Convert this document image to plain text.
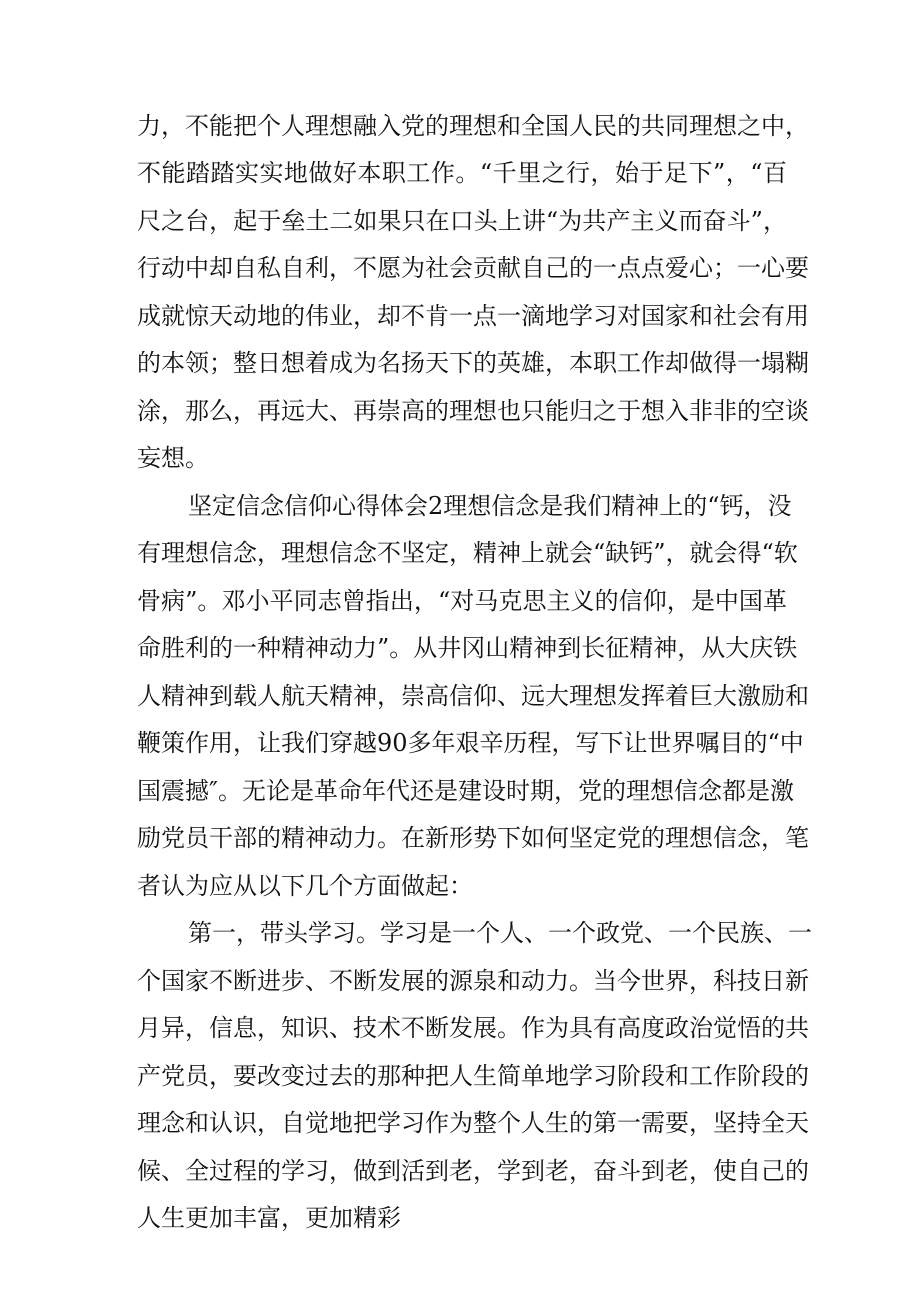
力，不能把个人理想融入党的理想和全国人民的共同理想之中，
不能踏踏实实地做好本职工作。“千里之行，始于足下”，“百
尺之台，起于垒土二如果只在口头上讲“为共产主义而奋斗”，
行动中却自私自利，不愿为社会贡献自己的一点点爱心；一心要
成就惊天动地的伟业，却不肯一点一滴地学习对国家和社会有用
的本领；整日想着成为名扬天下的英雄，本职工作却做得一塌糊
涂，那么，再远大、再崇高的理想也只能归之于想入非非的空谈
妄想。
坚定信念信仰心得体会2理想信念是我们精神上的“钙，没
有理想信念，理想信念不坚定，精神上就会“缺钙”，就会得“软
骨病”。邓小平同志曾指出，“对马克思主义的信仰，是中国革
命胜利的一种精神动力”。从井冈山精神到长征精神，从大庆铁
人精神到载人航天精神，崇高信仰、远大理想发挥着巨大激励和
鞭策作用，让我们穿越90多年艰辛历程，写下让世界嘱目的“中
国震撼″。无论是革命年代还是建设时期，党的理想信念都是激
励党员干部的精神动力。在新形势下如何坚定党的理想信念，笔
者认为应从以下几个方面做起：
第一，带头学习。学习是一个人、一个政党、一个民族、一
个国家不断进步、不断发展的源泉和动力。当今世界，科技日新
月异，信息，知识、技术不断发展。作为具有高度政治觉悟的共
产党员，要改变过去的那种把人生简单地学习阶段和工作阶段的
理念和认识，自觉地把学习作为整个人生的第一需要，坚持全天
候、全过程的学习，做到活到老，学到老，奋斗到老，使自己的
人生更加丰富，更加精彩
